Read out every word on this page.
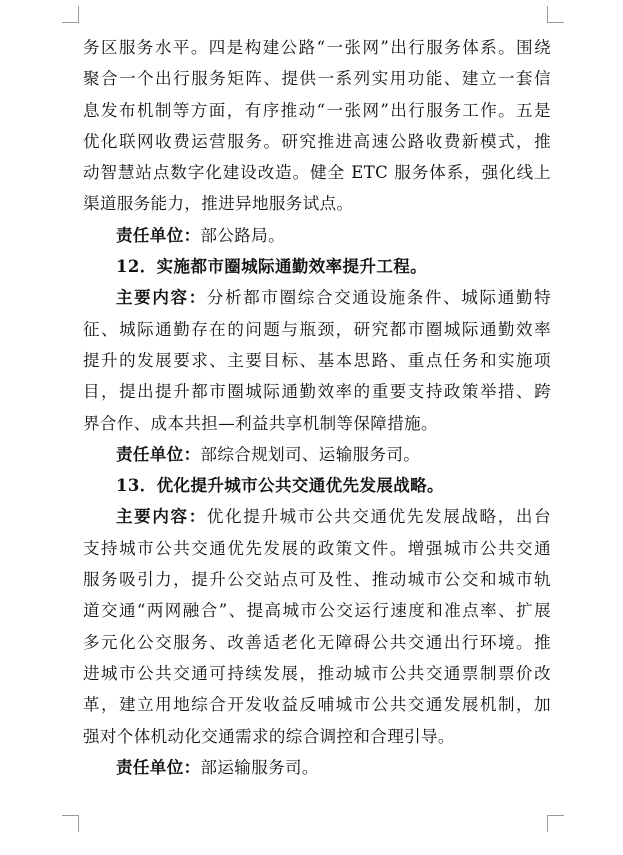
务区服务水平。四是构建公路“一张网”出行服务体系。围绕
聚合一个出行服务矩阵、提供一系列实用功能、建立一套信
息发布机制等方面，有序推动“一张网”出行服务工作。五是
优化联网收费运营服务。研究推进高速公路收费新模式，推
动智慧站点数字化建设改造。健全 ETC 服务体系，强化线上
渠道服务能力，推进异地服务试点。
责任单位：部公路局。
12．实施都市圈城际通勤效率提升工程。
主要内容：分析都市圈综合交通设施条件、城际通勤特
征、城际通勤存在的问题与瓶颈，研究都市圈城际通勤效率
提升的发展要求、主要目标、基本思路、重点任务和实施项
目，提出提升都市圈城际通勤效率的重要支持政策举措、跨
界合作、成本共担—利益共享机制等保障措施。
责任单位：部综合规划司、运输服务司。
13．优化提升城市公共交通优先发展战略。
主要内容：优化提升城市公共交通优先发展战略，出台
支持城市公共交通优先发展的政策文件。增强城市公共交通
服务吸引力，提升公交站点可及性、推动城市公交和城市轨
道交通“两网融合”、提高城市公交运行速度和准点率、扩展
多元化公交服务、改善适老化无障碍公共交通出行环境。推
进城市公共交通可持续发展，推动城市公共交通票制票价改
革，建立用地综合开发收益反哺城市公共交通发展机制，加
强对个体机动化交通需求的综合调控和合理引导。
责任单位：部运输服务司。
